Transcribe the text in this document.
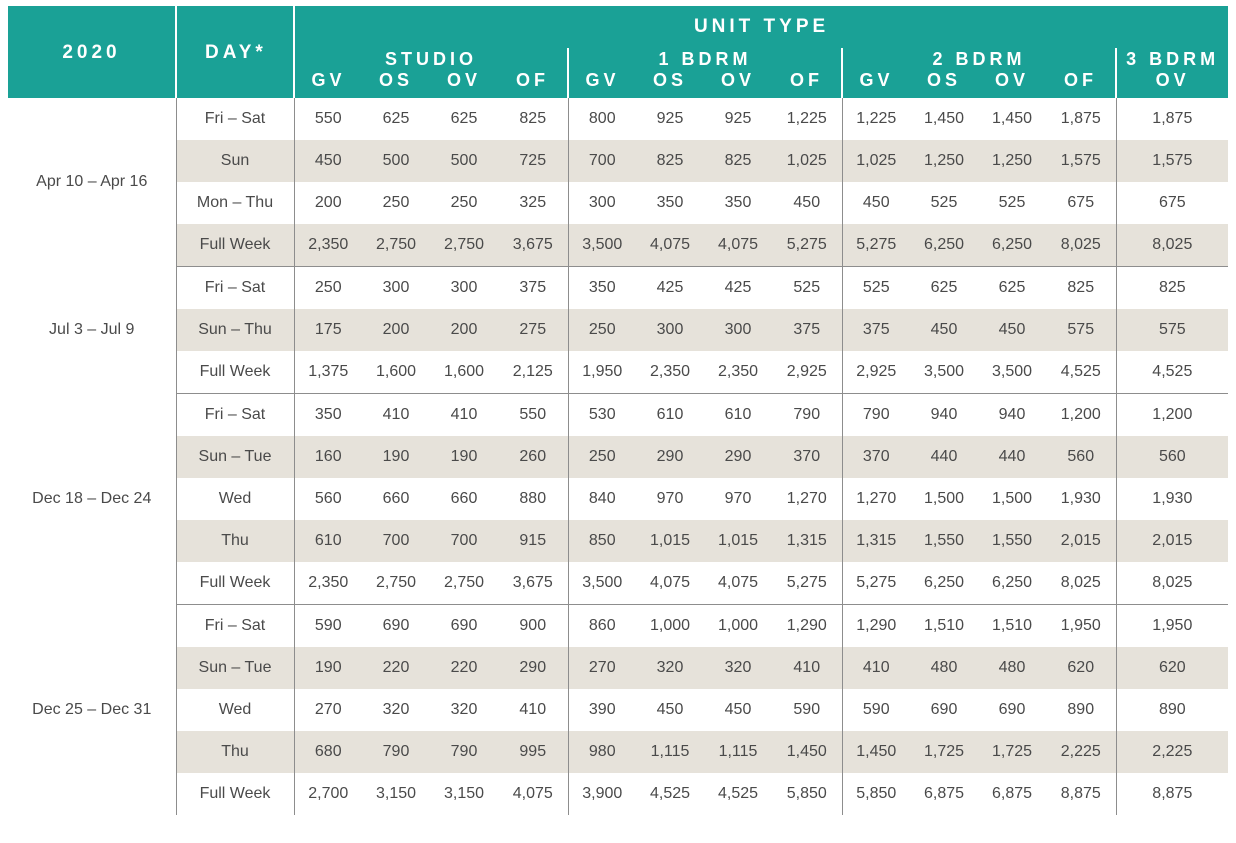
2020	DAY*	UNIT TYPE												
		STUDIO				1 BDRM				2 BDRM				3 BDRM
		GV	OS	OV	OF	GV	OS	OV	OF	GV	OS	OV	OF	OV
Apr 10 – Apr 16	Fri – Sat	550	625	625	825	800	925	925	1,225	1,225	1,450	1,450	1,875	1,875
	Sun	450	500	500	725	700	825	825	1,025	1,025	1,250	1,250	1,575	1,575
	Mon – Thu	200	250	250	325	300	350	350	450	450	525	525	675	675
	Full Week	2,350	2,750	2,750	3,675	3,500	4,075	4,075	5,275	5,275	6,250	6,250	8,025	8,025
Jul 3 – Jul 9	Fri – Sat	250	300	300	375	350	425	425	525	525	625	625	825	825
	Sun – Thu	175	200	200	275	250	300	300	375	375	450	450	575	575
	Full Week	1,375	1,600	1,600	2,125	1,950	2,350	2,350	2,925	2,925	3,500	3,500	4,525	4,525
Dec 18 – Dec 24	Fri – Sat	350	410	410	550	530	610	610	790	790	940	940	1,200	1,200
	Sun – Tue	160	190	190	260	250	290	290	370	370	440	440	560	560
	Wed	560	660	660	880	840	970	970	1,270	1,270	1,500	1,500	1,930	1,930
	Thu	610	700	700	915	850	1,015	1,015	1,315	1,315	1,550	1,550	2,015	2,015
	Full Week	2,350	2,750	2,750	3,675	3,500	4,075	4,075	5,275	5,275	6,250	6,250	8,025	8,025
Dec 25 – Dec 31	Fri – Sat	590	690	690	900	860	1,000	1,000	1,290	1,290	1,510	1,510	1,950	1,950
	Sun – Tue	190	220	220	290	270	320	320	410	410	480	480	620	620
	Wed	270	320	320	410	390	450	450	590	590	690	690	890	890
	Thu	680	790	790	995	980	1,115	1,115	1,450	1,450	1,725	1,725	2,225	2,225
	Full Week	2,700	3,150	3,150	4,075	3,900	4,525	4,525	5,850	5,850	6,875	6,875	8,875	8,875
